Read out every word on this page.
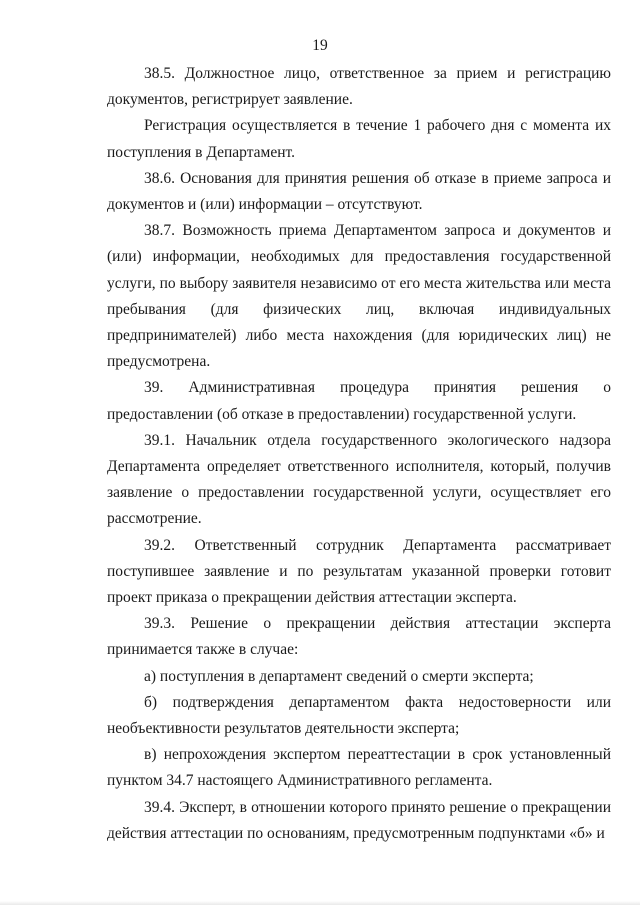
19

38.5. Должностное лицо, ответственное за прием и регистрацию документов, регистрирует заявление.

Регистрация осуществляется в течение 1 рабочего дня с момента их поступления в Департамент.

38.6. Основания для принятия решения об отказе в приеме запроса и документов и (или) информации – отсутствуют.

38.7. Возможность приема Департаментом запроса и документов и (или) информации, необходимых для предоставления государственной услуги, по выбору заявителя независимо от его места жительства или места пребывания (для физических лиц, включая индивидуальных предпринимателей) либо места нахождения (для юридических лиц) не предусмотрена.

39. Административная процедура принятия решения о предоставлении (об отказе в предоставлении) государственной услуги.

39.1. Начальник отдела государственного экологического надзора Департамента определяет ответственного исполнителя, который, получив заявление о предоставлении государственной услуги, осуществляет его рассмотрение.

39.2. Ответственный сотрудник Департамента рассматривает поступившее заявление и по результатам указанной проверки готовит проект приказа о прекращении действия аттестации эксперта.

39.3. Решение о прекращении действия аттестации эксперта принимается также в случае:

а) поступления в департамент сведений о смерти эксперта;

б) подтверждения департаментом факта недостоверности или необъективности результатов деятельности эксперта;

в) непрохождения экспертом переаттестации в срок установленный пунктом 34.7 настоящего Административного регламента.

39.4. Эксперт, в отношении которого принято решение о прекращении действия аттестации по основаниям, предусмотренным подпунктами «б» и
